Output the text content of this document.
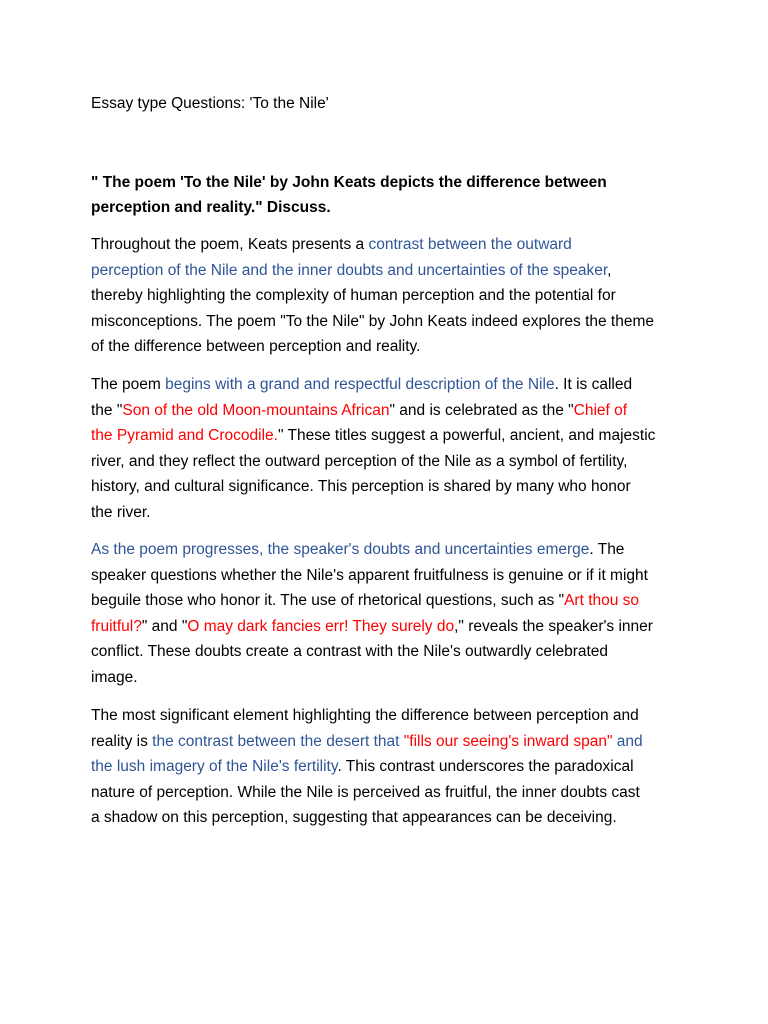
Essay type Questions: 'To the Nile'
" The poem 'To the Nile' by John Keats depicts the difference between
perception and reality." Discuss.
Throughout the poem, Keats presents a contrast between the outward
perception of the Nile and the inner doubts and uncertainties of the speaker,
thereby highlighting the complexity of human perception and the potential for
misconceptions. The poem "To the Nile" by John Keats indeed explores the theme
of the difference between perception and reality.
The poem begins with a grand and respectful description of the Nile. It is called
the "Son of the old Moon-mountains African" and is celebrated as the "Chief of
the Pyramid and Crocodile." These titles suggest a powerful, ancient, and majestic
river, and they reflect the outward perception of the Nile as a symbol of fertility,
history, and cultural significance. This perception is shared by many who honor
the river.
As the poem progresses, the speaker's doubts and uncertainties emerge. The
speaker questions whether the Nile's apparent fruitfulness is genuine or if it might
beguile those who honor it. The use of rhetorical questions, such as "Art thou so
fruitful?" and "O may dark fancies err! They surely do," reveals the speaker's inner
conflict. These doubts create a contrast with the Nile's outwardly celebrated
image.
The most significant element highlighting the difference between perception and
reality is the contrast between the desert that "fills our seeing's inward span" and
the lush imagery of the Nile's fertility. This contrast underscores the paradoxical
nature of perception. While the Nile is perceived as fruitful, the inner doubts cast
a shadow on this perception, suggesting that appearances can be deceiving.
